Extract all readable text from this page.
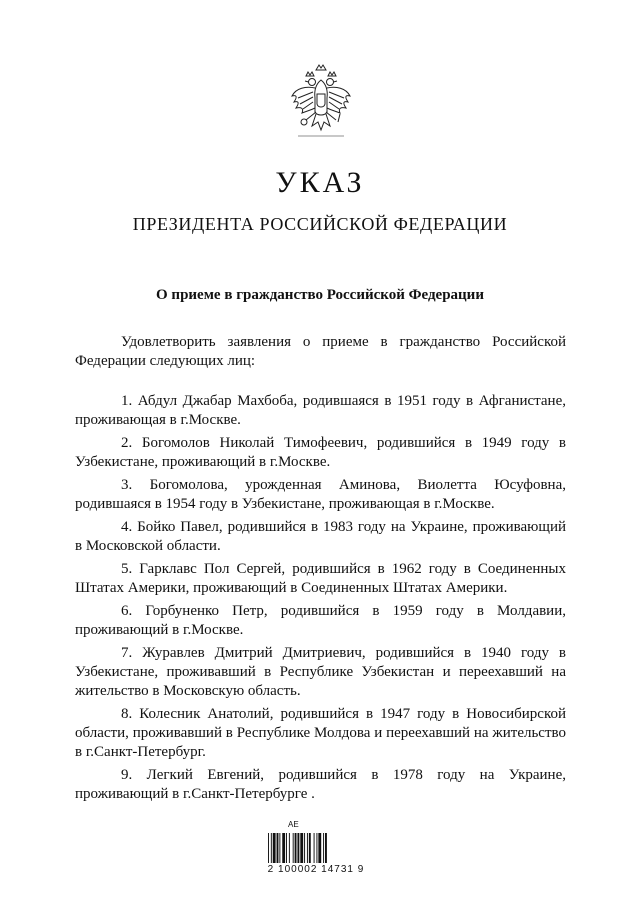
УКАЗ
ПРЕЗИДЕНТА РОССИЙСКОЙ ФЕДЕРАЦИИ
О приеме в гражданство Российской Федерации

Удовлетворить заявления о приеме в гражданство Российской Федерации следующих лиц:

1. Абдул Джабар Махбоба, родившаяся в 1951 году в Афганистане, проживающая в г.Москве.
2. Богомолов Николай Тимофеевич, родившийся в 1949 году в Узбекистане, проживающий в г.Москве.
3. Богомолова, урожденная Аминова, Виолетта Юсуфовна, родившаяся в 1954 году в Узбекистане, проживающая в г.Москве.
4. Бойко Павел, родившийся в 1983 году на Украине, проживающий в Московской области.
5. Гарклавс Пол Сергей, родившийся в 1962 году в Соединенных Штатах Америки, проживающий в Соединенных Штатах Америки.
6. Горбуненко Петр, родившийся в 1959 году в Молдавии, проживающий в г.Москве.
7. Журавлев Дмитрий Дмитриевич, родившийся в 1940 году в Узбекистане, проживавший в Республике Узбекистан и переехавший на жительство в Московскую область.
8. Колесник Анатолий, родившийся в 1947 году в Новосибирской области, проживавший в Республике Молдова и переехавший на жительство в г.Санкт-Петербург.
9. Легкий Евгений, родившийся в 1978 году на Украине, проживающий в г.Санкт-Петербурге .
АЕ
2 100002 14731 9
